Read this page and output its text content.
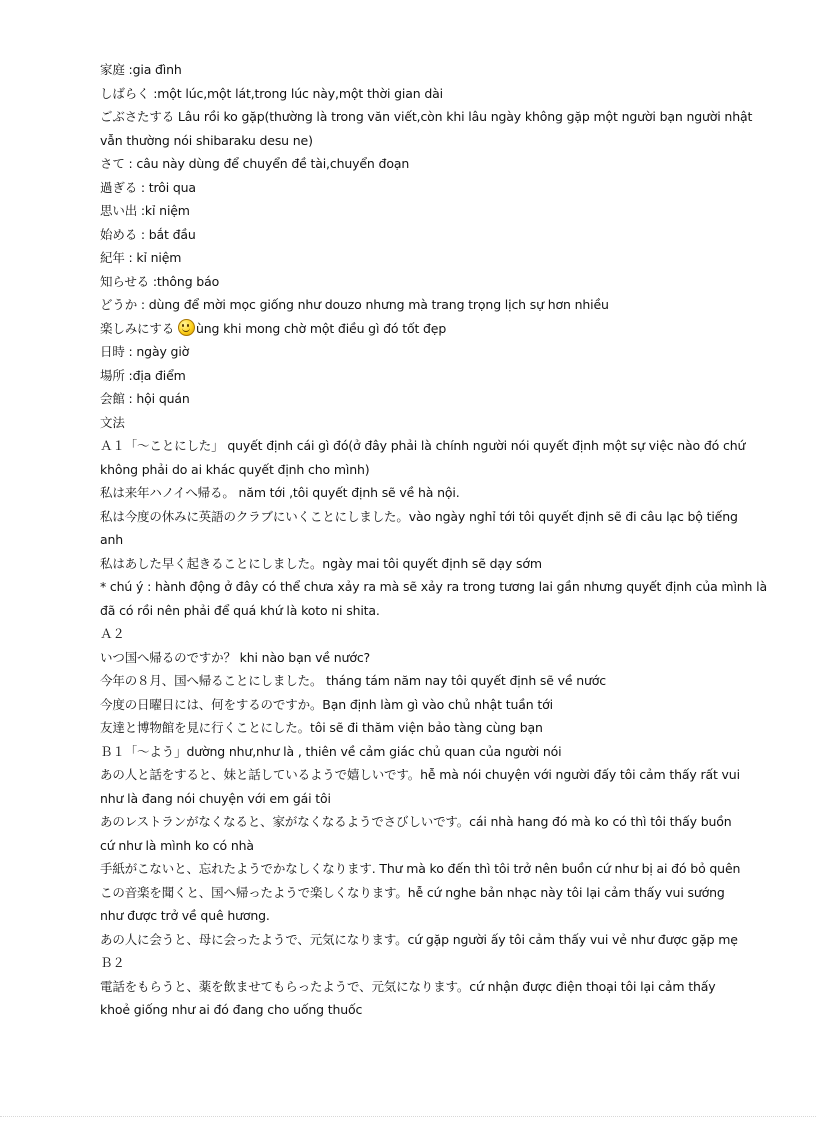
家庭 :gia đình
しばらく :một lúc,một lát,trong lúc này,một thời gian dài
ごぶさたする Lâu rồi ko gặp(thường là trong văn viết,còn khi lâu ngày không gặp một người bạn người nhật
vẫn thường nói shibaraku desu ne)
さて : câu này dùng để chuyển đề tài,chuyển đoạn
過ぎる : trôi qua
思い出 :kỉ niệm
始める : bắt đầu
紀年 : kỉ niệm
知らせる :thông báo
どうか : dùng để mời mọc giống như douzo nhưng mà trang trọng lịch sự hơn nhiều
楽しみにする ùng khi mong chờ một điều gì đó tốt đẹp
日時 : ngày giờ
場所 :địa điểm
会館 : hội quán
文法
Ａ１「～ことにした」 quyết định cái gì đó(ở đây phải là chính người nói quyết định một sự việc nào đó chứ
không phải do ai khác quyết định cho mình)
私は来年ハノイへ帰る。 năm tới ,tôi quyết định sẽ về hà nội.
私は今度の休みに英語のクラブにいくことにしました。vào ngày nghỉ tới tôi quyết định sẽ đi câu lạc bộ tiếng
anh
私はあした早く起きることにしました。ngày mai tôi quyết định sẽ dạy sớm
* chú ý : hành động ở đây có thể chưa xảy ra mà sẽ xảy ra trong tương lai gần nhưng quyết định của mình là
đã có rồi nên phải để quá khứ là koto ni shita.
Ａ２
いつ国へ帰るのですか？ khi nào bạn về nước?
今年の８月、国へ帰ることにしました。 tháng tám năm nay tôi quyết định sẽ về nước
今度の日曜日には、何をするのですか。Bạn định làm gì vào chủ nhật tuần tới
友達と博物館を見に行くことにした。tôi sẽ đi thăm viện bảo tàng cùng bạn
Ｂ１「～よう」dường như,như là , thiên về cảm giác chủ quan của người nói
あの人と話をすると、妹と話しているようで嬉しいです。hễ mà nói chuyện với người đấy tôi cảm thấy rất vui
như là đang nói chuyện với em gái tôi
あのレストランがなくなると、家がなくなるようでさびしいです。cái nhà hang đó mà ko có thì tôi thấy buồn
cứ như là mình ko có nhà
手紙がこないと、忘れたようでかなしくなります. Thư mà ko đến thì tôi trở nên buồn cứ như bị ai đó bỏ quên
この音楽を聞くと、国へ帰ったようで楽しくなります。hễ cứ nghe bản nhạc này tôi lại cảm thấy vui sướng
như được trở về quê hương.
あの人に会うと、母に会ったようで、元気になります。cứ gặp người ấy tôi cảm thấy vui vẻ như được gặp mẹ
Ｂ２
電話をもらうと、薬を飲ませてもらったようで、元気になります。cứ nhận được điện thoại tôi lại cảm thấy
khoẻ giống như ai đó đang cho uống thuốc
